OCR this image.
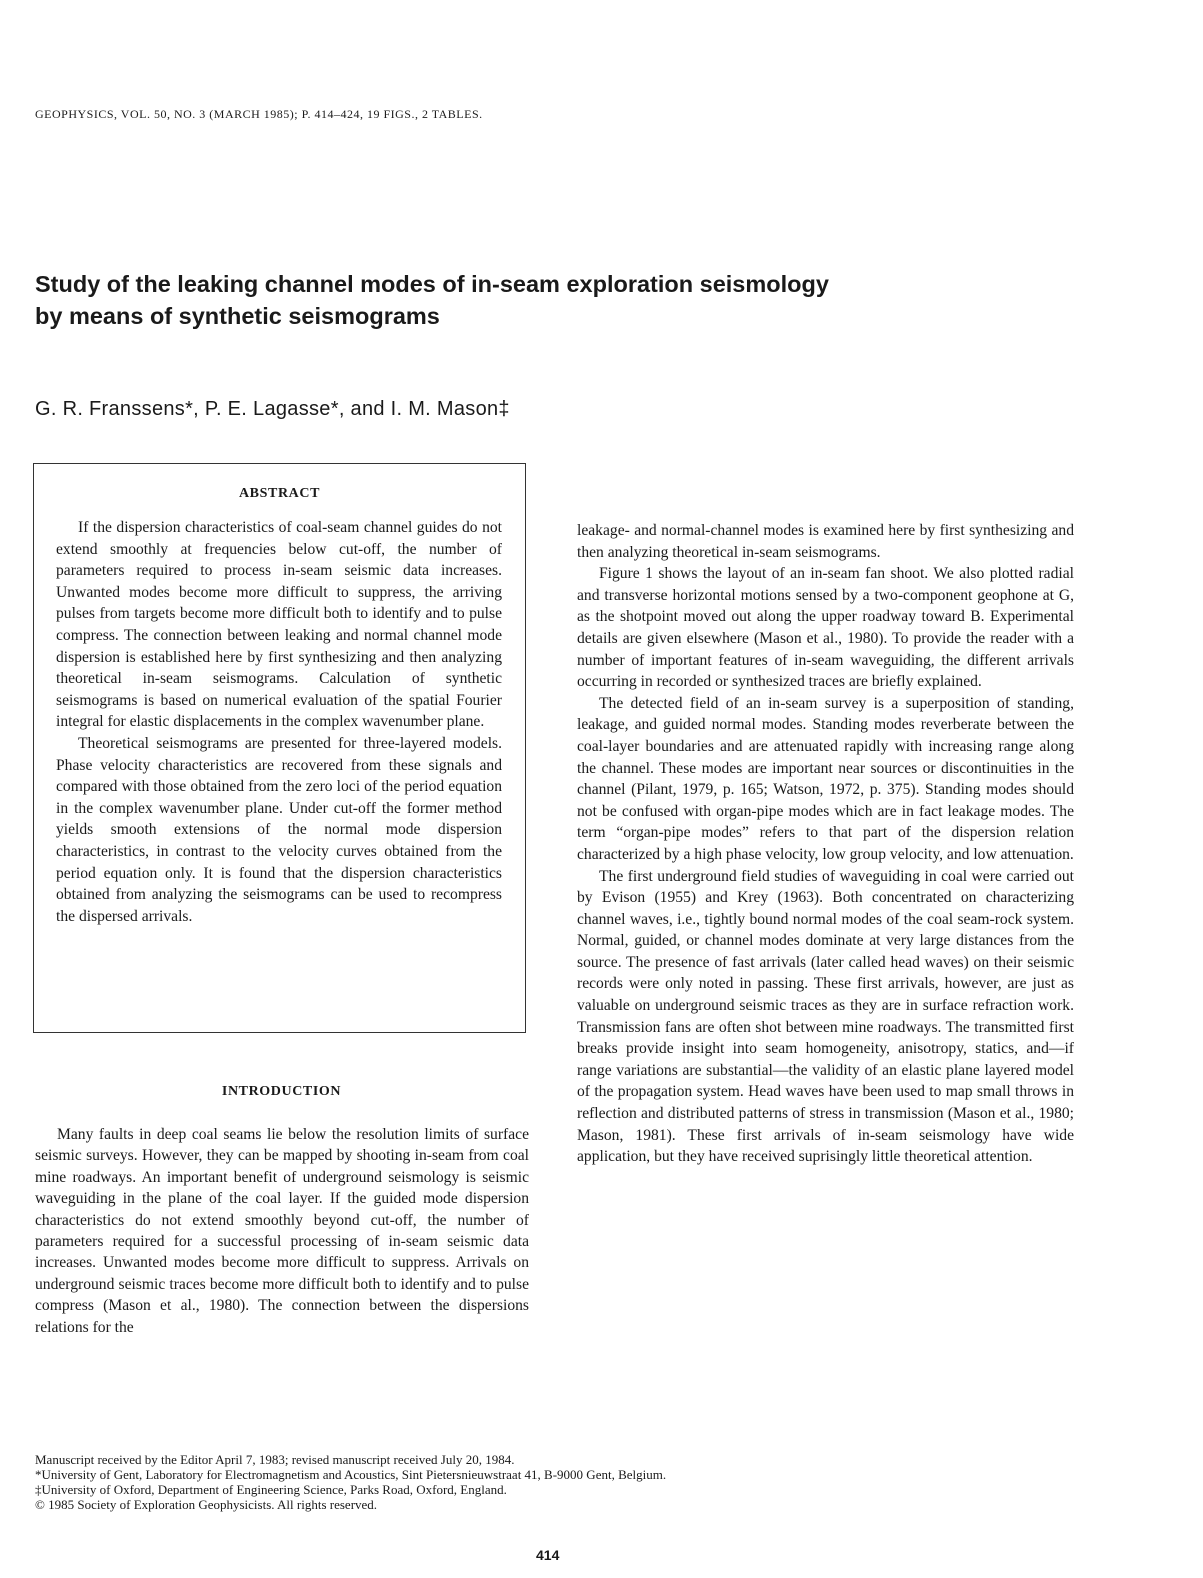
GEOPHYSICS, VOL. 50, NO. 3 (MARCH 1985); P. 414–424, 19 FIGS., 2 TABLES.
Study of the leaking channel modes of in-seam exploration seismology
by means of synthetic seismograms
G. R. Franssens*, P. E. Lagasse*, and I. M. Mason‡
ABSTRACT

If the dispersion characteristics of coal-seam channel guides do not extend smoothly at frequencies below cut-off, the number of parameters required to process in-seam seismic data increases. Unwanted modes become more difficult to suppress, the arriving pulses from targets become more difficult both to identify and to pulse compress. The connection between leaking and normal channel mode dispersion is established here by first synthesizing and then analyzing theoretical in-seam seismograms. Calculation of synthetic seismograms is based on numerical evaluation of the spatial Fourier integral for elastic displacements in the complex wavenumber plane.

Theoretical seismograms are presented for three-layered models. Phase velocity characteristics are recovered from these signals and compared with those obtained from the zero loci of the period equation in the complex wavenumber plane. Under cut-off the former method yields smooth extensions of the normal mode dispersion characteristics, in contrast to the velocity curves obtained from the period equation only. It is found that the dispersion characteristics obtained from analyzing the seismograms can be used to recompress the dispersed arrivals.

INTRODUCTION

Many faults in deep coal seams lie below the resolution limits of surface seismic surveys. However, they can be mapped by shooting in-seam from coal mine roadways. An important benefit of underground seismology is seismic waveguiding in the plane of the coal layer. If the guided mode dispersion characteristics do not extend smoothly beyond cut-off, the number of parameters required for a successful processing of in-seam seismic data increases. Unwanted modes become more difficult to suppress. Arrivals on underground seismic traces become more difficult both to identify and to pulse compress (Mason et al., 1980). The connection between the dispersions relations for the

leakage- and normal-channel modes is examined here by first synthesizing and then analyzing theoretical in-seam seismograms.

Figure 1 shows the layout of an in-seam fan shoot. We also plotted radial and transverse horizontal motions sensed by a two-component geophone at G, as the shotpoint moved out along the upper roadway toward B. Experimental details are given elsewhere (Mason et al., 1980). To provide the reader with a number of important features of in-seam waveguiding, the different arrivals occurring in recorded or synthesized traces are briefly explained.

The detected field of an in-seam survey is a superposition of standing, leakage, and guided normal modes. Standing modes reverberate between the coal-layer boundaries and are attenuated rapidly with increasing range along the channel. These modes are important near sources or discontinuities in the channel (Pilant, 1979, p. 165; Watson, 1972, p. 375). Standing modes should not be confused with organ-pipe modes which are in fact leakage modes. The term “organ-pipe modes” refers to that part of the dispersion relation characterized by a high phase velocity, low group velocity, and low attenuation.

The first underground field studies of waveguiding in coal were carried out by Evison (1955) and Krey (1963). Both concentrated on characterizing channel waves, i.e., tightly bound normal modes of the coal seam-rock system. Normal, guided, or channel modes dominate at very large distances from the source. The presence of fast arrivals (later called head waves) on their seismic records were only noted in passing. These first arrivals, however, are just as valuable on underground seismic traces as they are in surface refraction work. Transmission fans are often shot between mine roadways. The transmitted first breaks provide insight into seam homogeneity, anisotropy, statics, and—if range variations are substantial—the validity of an elastic plane layered model of the propagation system. Head waves have been used to map small throws in reflection and distributed patterns of stress in transmission (Mason et al., 1980; Mason, 1981). These first arrivals of in-seam seismology have wide application, but they have received suprisingly little theoretical attention.

Manuscript received by the Editor April 7, 1983; revised manuscript received July 20, 1984.
*University of Gent, Laboratory for Electromagnetism and Acoustics, Sint Pietersnieuwstraat 41, B-9000 Gent, Belgium.
‡University of Oxford, Department of Engineering Science, Parks Road, Oxford, England.
© 1985 Society of Exploration Geophysicists. All rights reserved.
414
